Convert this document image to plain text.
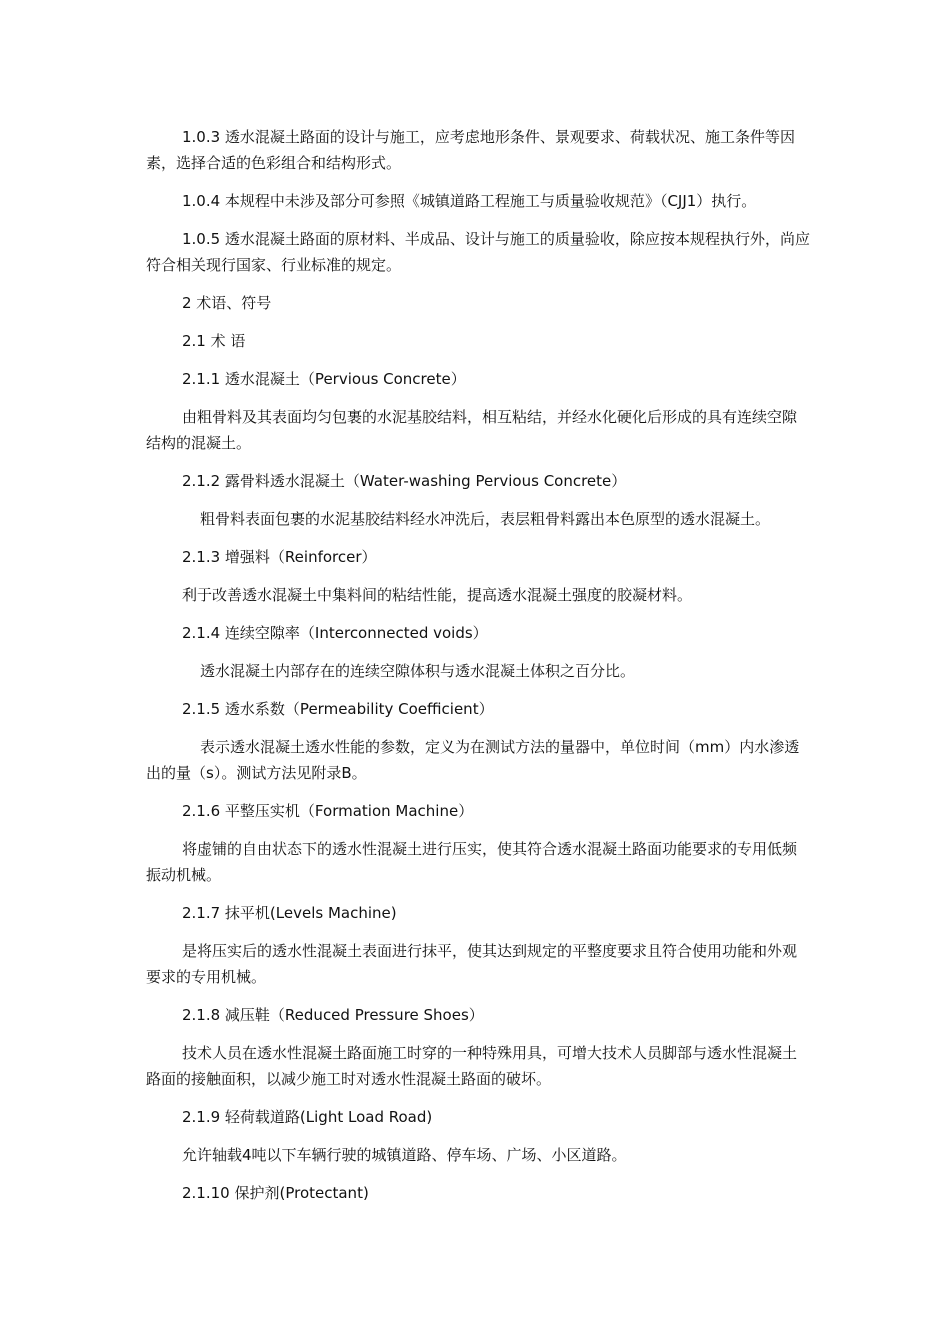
1.0.3 透水混凝土路面的设计与施工，应考虑地形条件、景观要求、荷载状况、施工条件等因素，选择合适的色彩组合和结构形式。

1.0.4 本规程中未涉及部分可参照《城镇道路工程施工与质量验收规范》（CJJ1）执行。

1.0.5 透水混凝土路面的原材料、半成品、设计与施工的质量验收，除应按本规程执行外，尚应符合相关现行国家、行业标准的规定。

2 术语、符号

2.1 术 语

2.1.1 透水混凝土（Pervious Concrete）

由粗骨料及其表面均匀包裹的水泥基胶结料，相互粘结，并经水化硬化后形成的具有连续空隙结构的混凝土。

2.1.2 露骨料透水混凝土（Water-washing Pervious Concrete）

粗骨料表面包裹的水泥基胶结料经水冲洗后，表层粗骨料露出本色原型的透水混凝土。

2.1.3 增强料（Reinforcer）

利于改善透水混凝土中集料间的粘结性能，提高透水混凝土强度的胶凝材料。

2.1.4 连续空隙率（Interconnected voids）

透水混凝土内部存在的连续空隙体积与透水混凝土体积之百分比。

2.1.5 透水系数（Permeability Coefficient）

表示透水混凝土透水性能的参数，定义为在测试方法的量器中，单位时间（mm）内水渗透出的量（s）。测试方法见附录B。

2.1.6 平整压实机（Formation Machine）

将虚铺的自由状态下的透水性混凝土进行压实，使其符合透水混凝土路面功能要求的专用低频振动机械。

2.1.7 抹平机(Levels Machine)

是将压实后的透水性混凝土表面进行抹平，使其达到规定的平整度要求且符合使用功能和外观要求的专用机械。

2.1.8 减压鞋（Reduced Pressure Shoes）

技术人员在透水性混凝土路面施工时穿的一种特殊用具，可增大技术人员脚部与透水性混凝土路面的接触面积，以减少施工时对透水性混凝土路面的破坏。

2.1.9 轻荷载道路(Light Load Road)

允许轴载4吨以下车辆行驶的城镇道路、停车场、广场、小区道路。

2.1.10 保护剂(Protectant)
